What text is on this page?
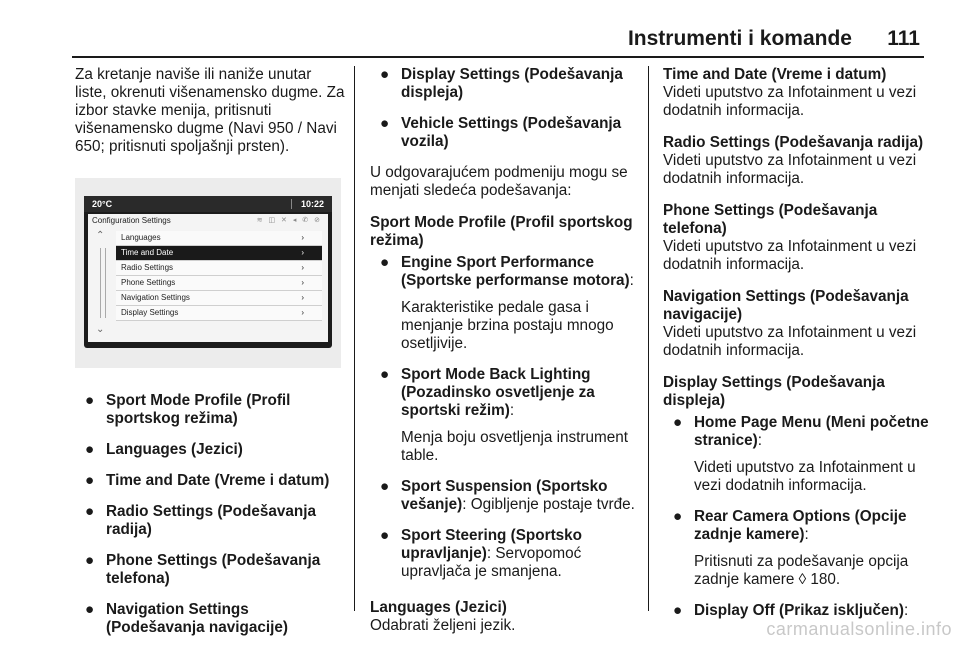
Instrumenti i komande 111

Za kretanje naviše ili naniže unutar liste, okrenuti višenamensko dugme. Za izbor stavke menija, pritisnuti višenamensko dugme (Navi 950 / Navi 650; pritisnuti spoljašnji prsten).

● Sport Mode Profile (Profil sportskog režima)
● Languages (Jezici)
● Time and Date (Vreme i datum)
● Radio Settings (Podešavanja radija)
● Phone Settings (Podešavanja telefona)
● Navigation Settings (Podešavanja navigacije)
20°C	10:22
Configuration Settings	≋ ◫ ✕ ◂ ✆ ⊘
⌃
⌄
Languages	›
Time and Date	›
Radio Settings	›
Phone Settings	›
Navigation Settings	›
Display Settings	›
● Display Settings (Podešavanja displeja)
● Vehicle Settings (Podešavanja vozila)

U odgovarajućem podmeniju mogu se menjati sledeća podešavanja:

Sport Mode Profile (Profil sportskog režima)

● Engine Sport Performance (Sportske performanse motora):

Karakteristike pedale gasa i menjanje brzina postaju mnogo osetljivije.

● Sport Mode Back Lighting (Pozadinsko osvetljenje za sportski režim):

Menja boju osvetljenja instrument table.

● Sport Suspension (Sportsko vešanje): Ogibljenje postaje tvrđe.
● Sport Steering (Sportsko upravljanje): Servopomoć upravljača je smanjena.

Languages (Jezici)

Odabrati željeni jezik.

Time and Date (Vreme i datum)

Videti uputstvo za Infotainment u vezi dodatnih informacija.

Radio Settings (Podešavanja radija)

Videti uputstvo za Infotainment u vezi dodatnih informacija.

Phone Settings (Podešavanja telefona)

Videti uputstvo za Infotainment u vezi dodatnih informacija.

Navigation Settings (Podešavanja navigacije)

Videti uputstvo za Infotainment u vezi dodatnih informacija.

Display Settings (Podešavanja displeja)

● Home Page Menu (Meni početne stranice):

Videti uputstvo za Infotainment u vezi dodatnih informacija.

● Rear Camera Options (Opcije zadnje kamere):

Pritisnuti za podešavanje opcija zadnje kamere ◊ 180.

● Display Off (Prikaz isključen):
carmanualsonline.info
